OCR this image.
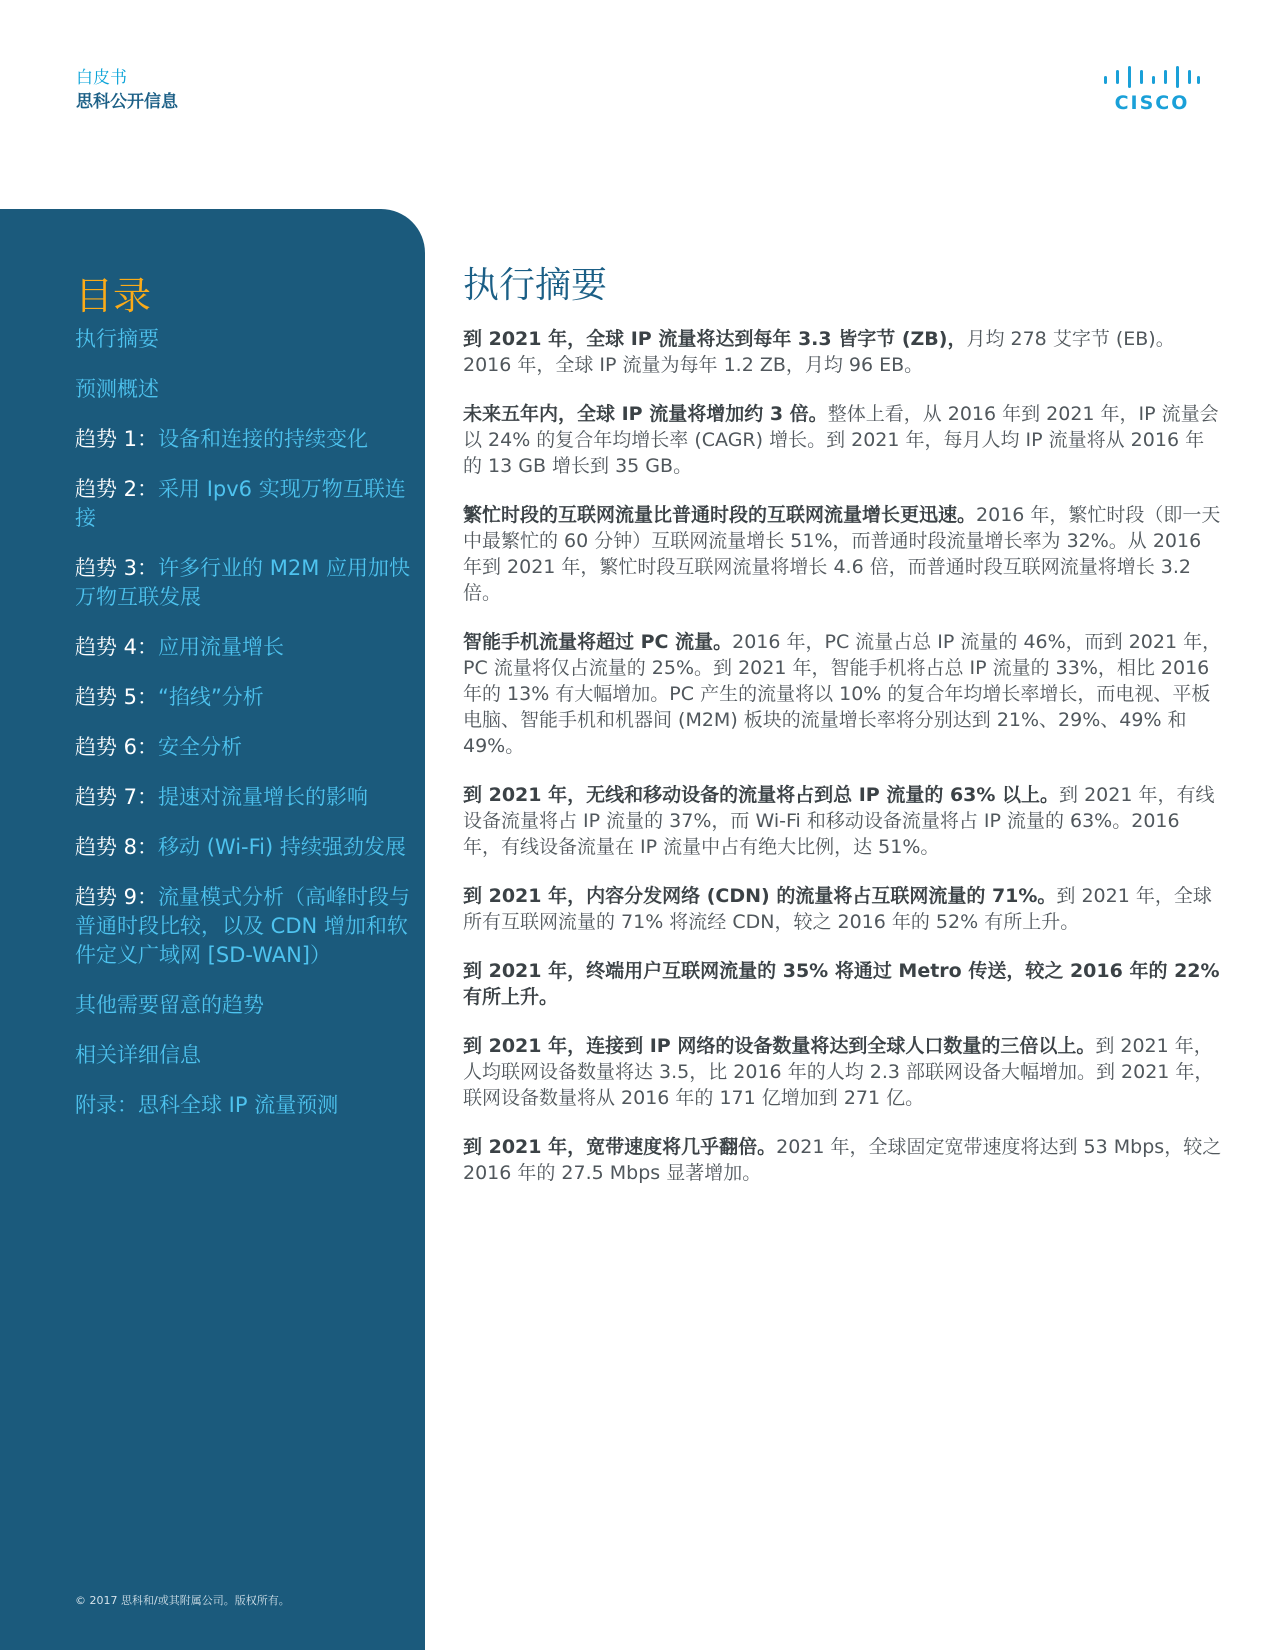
白皮书
思科公开信息	CISCO
目录
执行摘要
预测概述
趋势 1：设备和连接的持续变化
趋势 2：采用 Ipv6 实现万物互联连接
趋势 3：许多行业的 M2M 应用加快万物互联发展
趋势 4：应用流量增长
趋势 5：“掐线”分析
趋势 6：安全分析
趋势 7：提速对流量增长的影响
趋势 8：移动 (Wi-Fi) 持续强劲发展
趋势 9：流量模式分析（高峰时段与普通时段比较，以及 CDN 增加和软件定义广域网 [SD-WAN]）
其他需要留意的趋势
相关详细信息
附录：思科全球 IP 流量预测
© 2017 思科和/或其附属公司。版权所有。
执行摘要

到 2021 年，全球 IP 流量将达到每年 3.3 皆字节 (ZB)，月均 278 艾字节 (EB)。2016 年，全球 IP 流量为每年 1.2 ZB，月均 96 EB。

未来五年内，全球 IP 流量将增加约 3 倍。整体上看，从 2016 年到 2021 年，IP 流量会以 24% 的复合年均增长率 (CAGR) 增长。到 2021 年，每月人均 IP 流量将从 2016 年的 13 GB 增长到 35 GB。

繁忙时段的互联网流量比普通时段的互联网流量增长更迅速。2016 年，繁忙时段（即一天中最繁忙的 60 分钟）互联网流量增长 51%，而普通时段流量增长率为 32%。从 2016 年到 2021 年，繁忙时段互联网流量将增长 4.6 倍，而普通时段互联网流量将增长 3.2 倍。

智能手机流量将超过 PC 流量。2016 年，PC 流量占总 IP 流量的 46%，而到 2021 年，PC 流量将仅占流量的 25%。到 2021 年，智能手机将占总 IP 流量的 33%，相比 2016 年的 13% 有大幅增加。PC 产生的流量将以 10% 的复合年均增长率增长，而电视、平板电脑、智能手机和机器间 (M2M) 板块的流量增长率将分别达到 21%、29%、49% 和 49%。

到 2021 年，无线和移动设备的流量将占到总 IP 流量的 63% 以上。到 2021 年，有线设备流量将占 IP 流量的 37%，而 Wi-Fi 和移动设备流量将占 IP 流量的 63%。2016 年，有线设备流量在 IP 流量中占有绝大比例，达 51%。

到 2021 年，内容分发网络 (CDN) 的流量将占互联网流量的 71%。到 2021 年，全球所有互联网流量的 71% 将流经 CDN，较之 2016 年的 52% 有所上升。

到 2021 年，终端用户互联网流量的 35% 将通过 Metro 传送，较之 2016 年的 22% 有所上升。

到 2021 年，连接到 IP 网络的设备数量将达到全球人口数量的三倍以上。到 2021 年，人均联网设备数量将达 3.5，比 2016 年的人均 2.3 部联网设备大幅增加。到 2021 年，联网设备数量将从 2016 年的 171 亿增加到 271 亿。

到 2021 年，宽带速度将几乎翻倍。2021 年，全球固定宽带速度将达到 53 Mbps，较之 2016 年的 27.5 Mbps 显著增加。
